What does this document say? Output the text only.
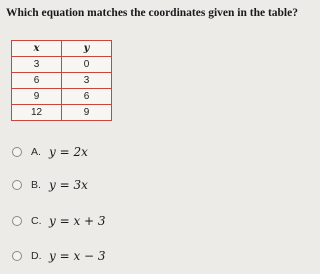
Which equation matches the coordinates given in the table?
x	y
3	0
6	3
9	6
12	9
A. y = 2x
B. y = 3x
C. y = x + 3
D. y = x − 3
